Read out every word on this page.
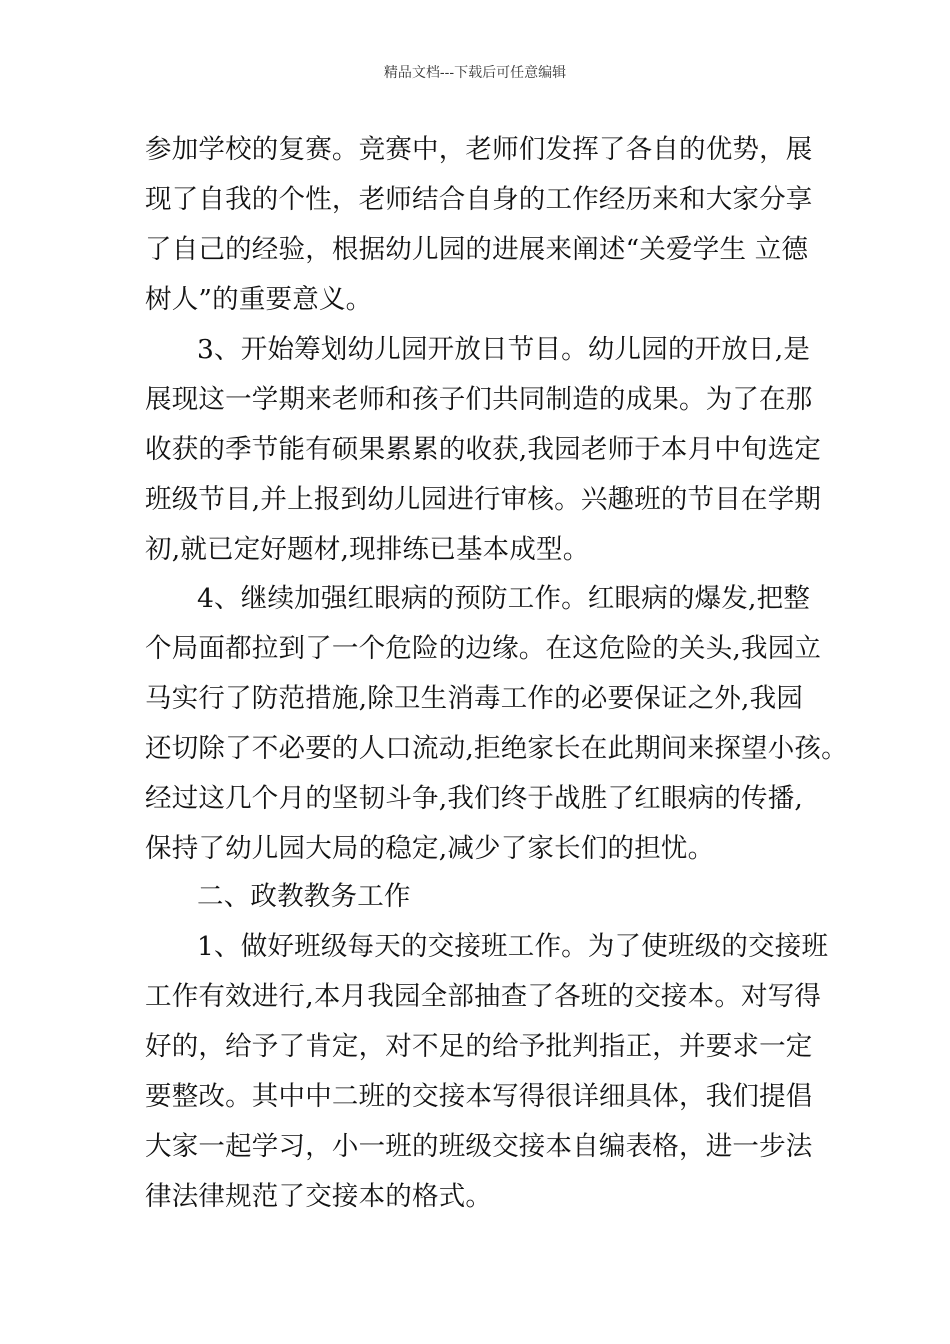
精品文档---下载后可任意编辑
参加学校的复赛。竞赛中，老师们发挥了各自的优势，展
现了自我的个性，老师结合自身的工作经历来和大家分享
了自己的经验，根据幼儿园的进展来阐述“关爱学生 立德
树人”的重要意义。
3、开始筹划幼儿园开放日节目。幼儿园的开放日,是
展现这一学期来老师和孩子们共同制造的成果。为了在那
收获的季节能有硕果累累的收获,我园老师于本月中旬选定
班级节目,并上报到幼儿园进行审核。兴趣班的节目在学期
初,就已定好题材,现排练已基本成型。
4、继续加强红眼病的预防工作。红眼病的爆发,把整
个局面都拉到了一个危险的边缘。在这危险的关头,我园立
马实行了防范措施,除卫生消毒工作的必要保证之外,我园
还切除了不必要的人口流动,拒绝家长在此期间来探望小孩。
经过这几个月的坚韧斗争,我们终于战胜了红眼病的传播,
保持了幼儿园大局的稳定,减少了家长们的担忧。
二、政教教务工作
1、做好班级每天的交接班工作。为了使班级的交接班
工作有效进行,本月我园全部抽查了各班的交接本。对写得
好的，给予了肯定，对不足的给予批判指正，并要求一定
要整改。其中中二班的交接本写得很详细具体，我们提倡
大家一起学习，小一班的班级交接本自编表格，进一步法
律法律规范了交接本的格式。
